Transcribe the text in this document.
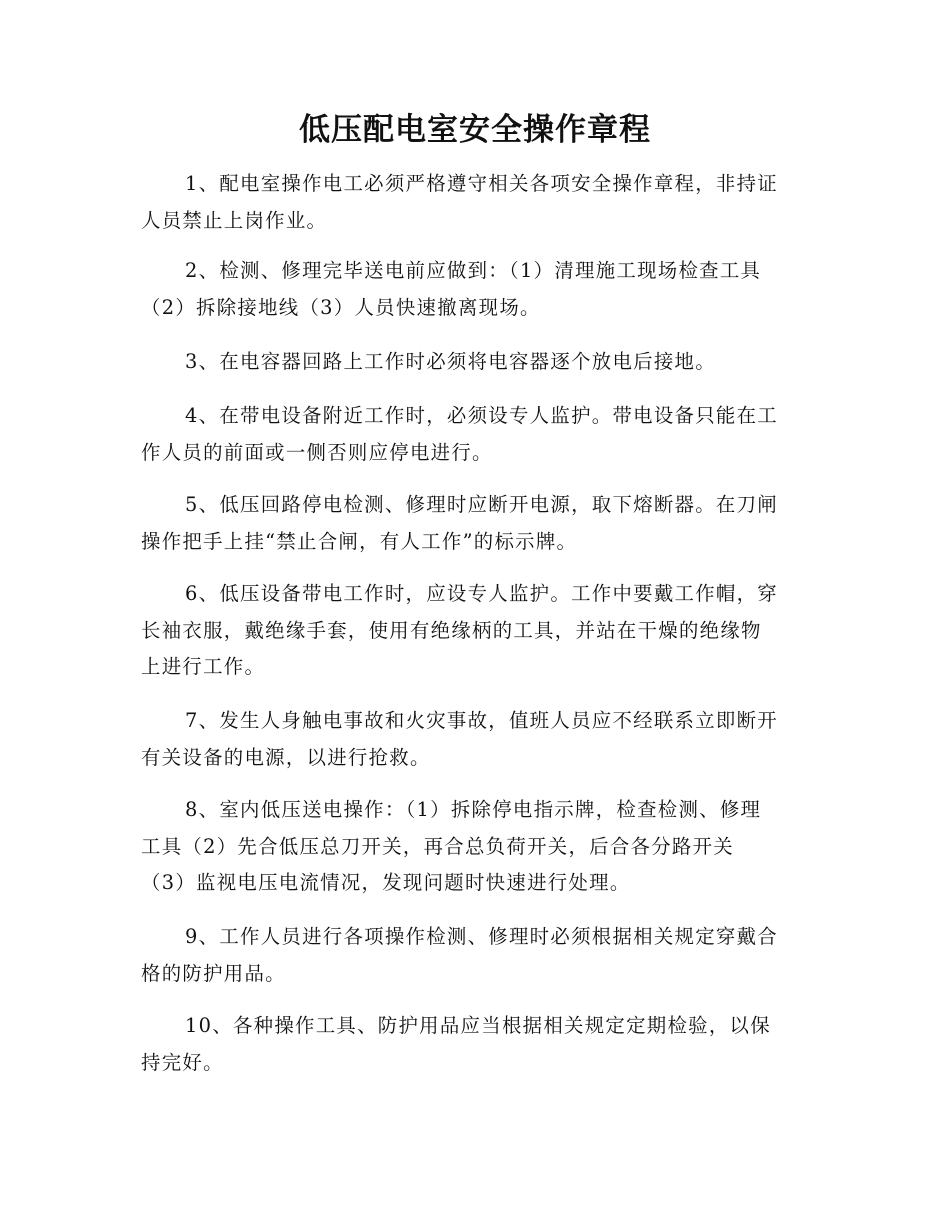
低压配电室安全操作章程

1、配电室操作电工必须严格遵守相关各项安全操作章程，非持证
人员禁止上岗作业。

2、检测、修理完毕送电前应做到：（1）清理施工现场检查工具
（2）拆除接地线（3）人员快速撤离现场。

3、在电容器回路上工作时必须将电容器逐个放电后接地。

4、在带电设备附近工作时，必须设专人监护。带电设备只能在工
作人员的前面或一侧否则应停电进行。

5、低压回路停电检测、修理时应断开电源，取下熔断器。在刀闸
操作把手上挂“禁止合闸，有人工作”的标示牌。

6、低压设备带电工作时，应设专人监护。工作中要戴工作帽，穿
长袖衣服，戴绝缘手套，使用有绝缘柄的工具，并站在干燥的绝缘物
上进行工作。

7、发生人身触电事故和火灾事故，值班人员应不经联系立即断开
有关设备的电源，以进行抢救。

8、室内低压送电操作：（1）拆除停电指示牌，检查检测、修理
工具（2）先合低压总刀开关，再合总负荷开关，后合各分路开关
（3）监视电压电流情况，发现问题时快速进行处理。

9、工作人员进行各项操作检测、修理时必须根据相关规定穿戴合
格的防护用品。

10、各种操作工具、防护用品应当根据相关规定定期检验，以保
持完好。
